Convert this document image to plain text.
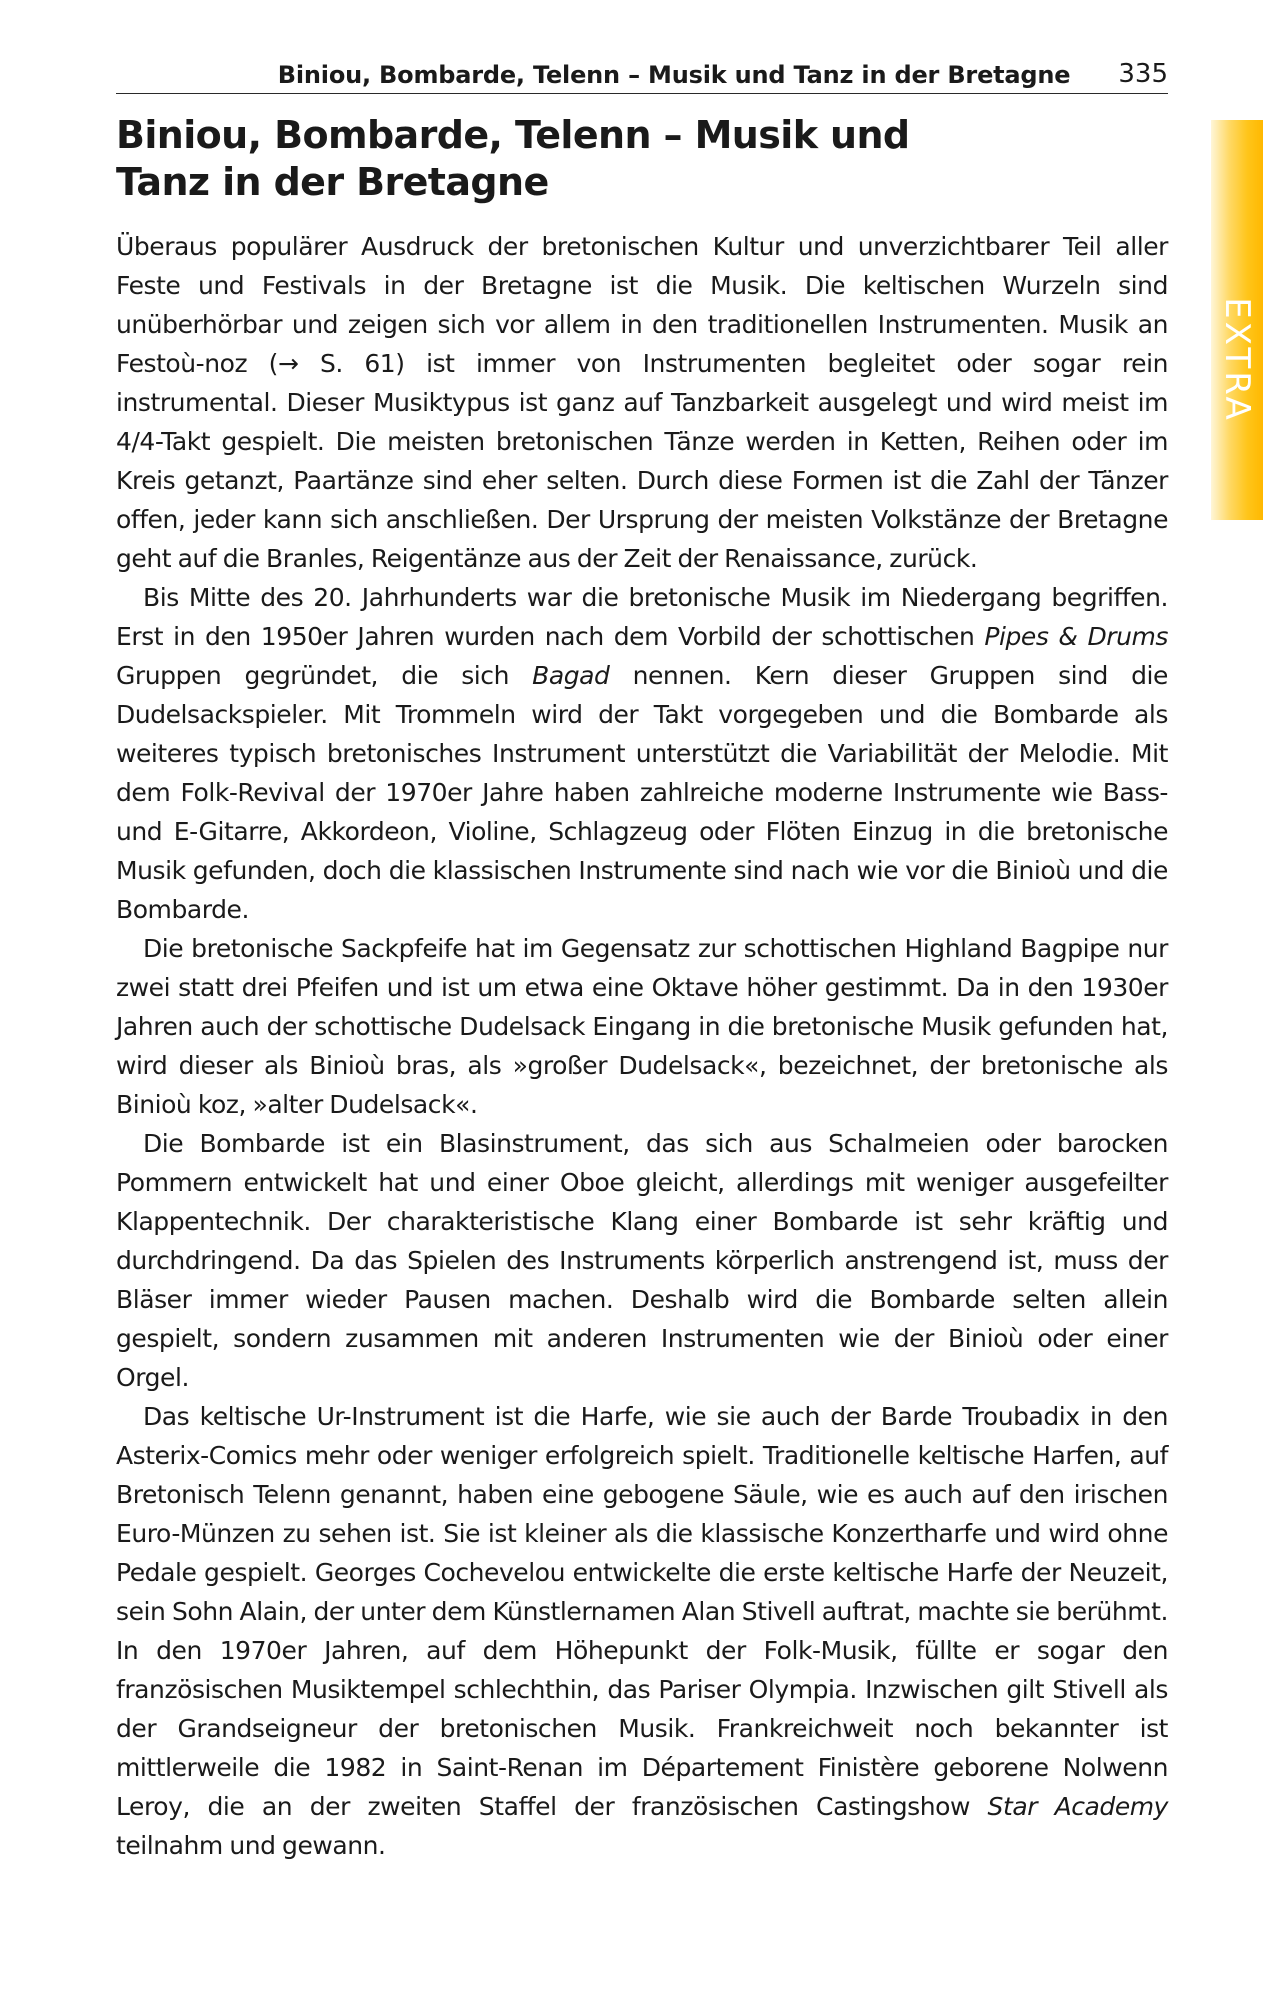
Biniou, Bombarde, Telenn – Musik und Tanz in der Bretagne 335
EXTRA
Biniou, Bombarde, Telenn – Musik und
Tanz in der Bretagne

Überaus populärer Ausdruck der bretonischen Kultur und unverzichtbarer Teil aller Feste und Festivals in der Bretagne ist die Musik. Die keltischen Wurzeln sind unüberhörbar und zeigen sich vor allem in den traditionellen Instrumenten. Musik an Festoù-noz (→ S. 61) ist immer von Instrumenten begleitet oder sogar rein instrumental. Dieser Musiktypus ist ganz auf Tanzbarkeit ausgelegt und wird meist im 4/4-Takt gespielt. Die meisten bretonischen Tänze werden in Ketten, Reihen oder im Kreis getanzt, Paartänze sind eher selten. Durch diese Formen ist die Zahl der Tänzer offen, jeder kann sich anschließen. Der Ursprung der meisten Volkstänze der Bretagne geht auf die Branles, Reigentänze aus der Zeit der Renaissance, zurück.

Bis Mitte des 20. Jahrhunderts war die bretonische Musik im Niedergang begriffen. Erst in den 1950er Jahren wurden nach dem Vorbild der schottischen Pipes & Drums Gruppen gegründet, die sich Bagad nennen. Kern dieser Gruppen sind die Dudelsackspieler. Mit Trommeln wird der Takt vorgegeben und die Bombarde als weiteres typisch bretonisches Instrument unterstützt die Variabilität der Melodie. Mit dem Folk-Revival der 1970er Jahre haben zahlreiche moderne Instrumente wie Bass- und E-Gitarre, Akkordeon, Violine, Schlagzeug oder Flöten Einzug in die bretonische Musik gefunden, doch die klassischen Instrumente sind nach wie vor die Binioù und die Bombarde.

Die bretonische Sackpfeife hat im Gegensatz zur schottischen Highland Bagpipe nur zwei statt drei Pfeifen und ist um etwa eine Oktave höher gestimmt. Da in den 1930er Jahren auch der schottische Dudelsack Eingang in die bretonische Musik gefunden hat, wird dieser als Binioù bras, als »großer Dudelsack«, bezeichnet, der bretonische als Binioù koz, »alter Dudelsack«.

Die Bombarde ist ein Blasinstrument, das sich aus Schalmeien oder barocken Pommern entwickelt hat und einer Oboe gleicht, allerdings mit weniger ausgefeilter Klappentechnik. Der charakteristische Klang einer Bombarde ist sehr kräftig und durchdringend. Da das Spielen des Instruments körperlich anstrengend ist, muss der Bläser immer wieder Pausen machen. Deshalb wird die Bombarde selten allein gespielt, sondern zusammen mit anderen Instrumenten wie der Binioù oder einer Orgel.

Das keltische Ur-Instrument ist die Harfe, wie sie auch der Barde Troubadix in den Asterix-Comics mehr oder weniger erfolgreich spielt. Traditionelle keltische Harfen, auf Bretonisch Telenn genannt, haben eine gebogene Säule, wie es auch auf den irischen Euro-Münzen zu sehen ist. Sie ist kleiner als die klassische Konzertharfe und wird ohne Pedale gespielt. Georges Cochevelou entwickelte die erste keltische Harfe der Neuzeit, sein Sohn Alain, der unter dem Künstlernamen Alan Stivell auftrat, machte sie berühmt. In den 1970er Jahren, auf dem Höhepunkt der Folk-Musik, füllte er sogar den französischen Musiktempel schlechthin, das Pariser Olympia. Inzwischen gilt Stivell als der Grandseigneur der bretonischen Musik. Frankreichweit noch bekannter ist mittlerweile die 1982 in Saint-Renan im Département Finistère geborene Nolwenn Leroy, die an der zweiten Staffel der französischen Castingshow Star Academy teilnahm und gewann.
